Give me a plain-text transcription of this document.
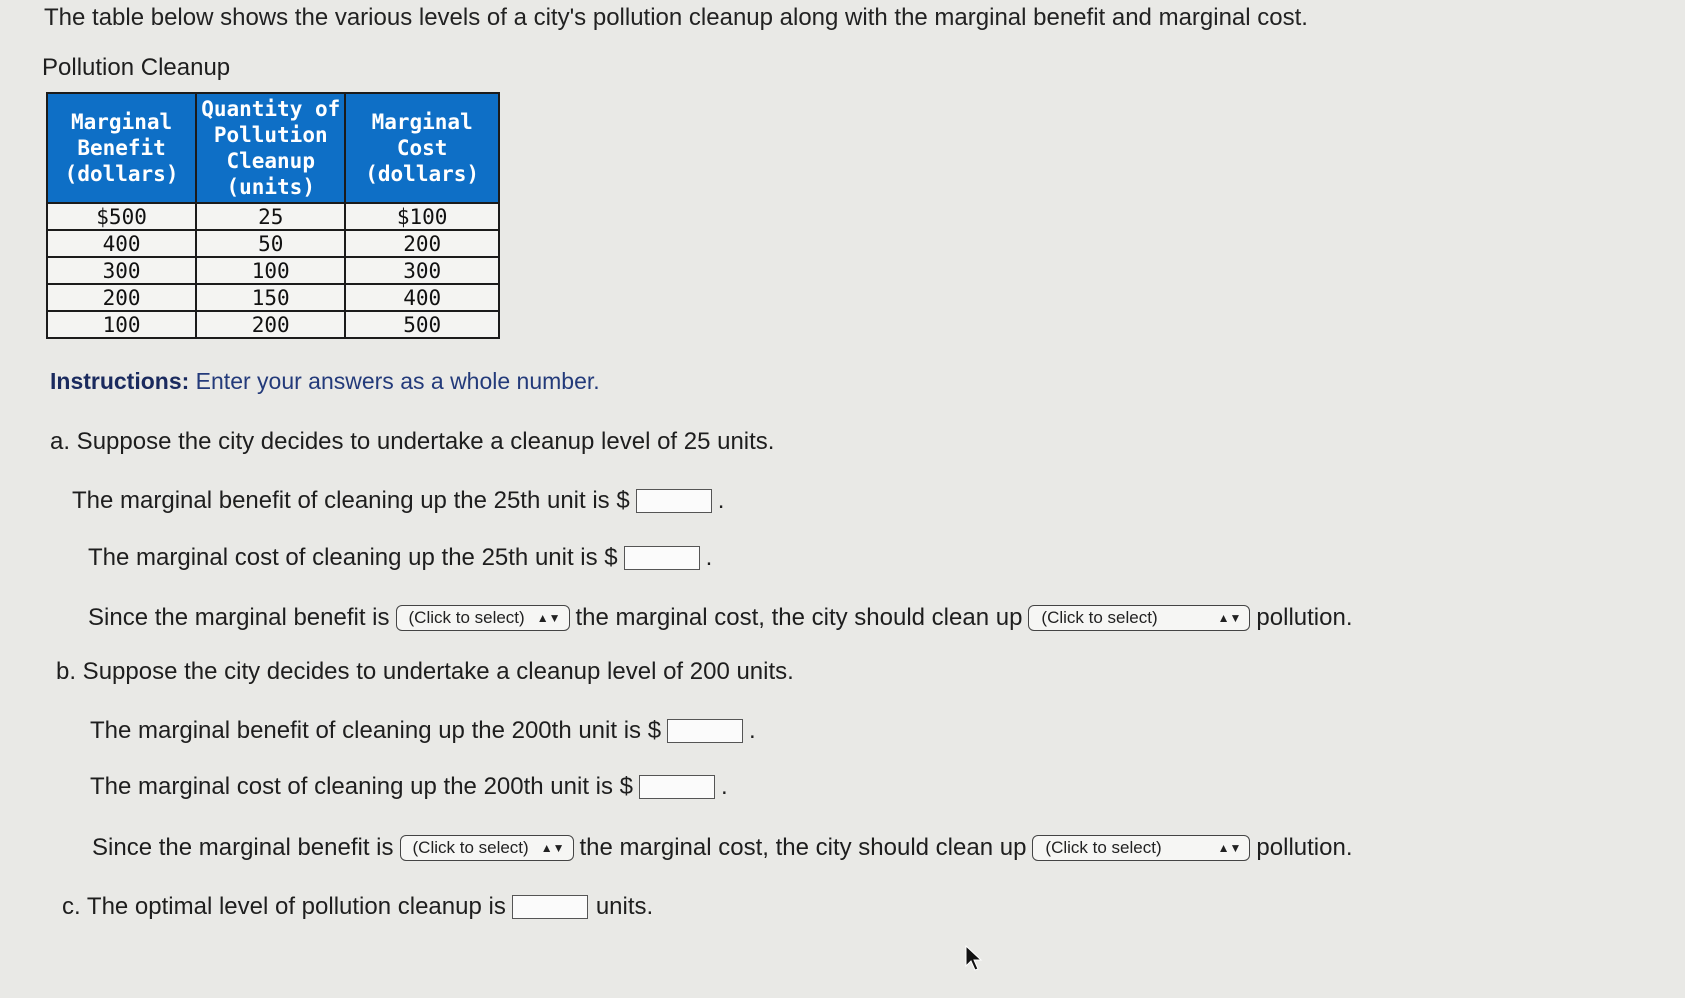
The table below shows the various levels of a city's pollution cleanup along with the marginal benefit and marginal cost.
Pollution Cleanup
Marginal Benefit (dollars)	Quantity of Pollution Cleanup (units)	Marginal Cost (dollars)
$500	25	$100
400	50	200
300	100	300
200	150	400
100	200	500
Instructions: Enter your answers as a whole number.
a. Suppose the city decides to undertake a cleanup level of 25 units.
The marginal benefit of cleaning up the 25th unit is $	.
The marginal cost of cleaning up the 25th unit is $	.
Since the marginal benefit is (Click to select) ▲▼ the marginal cost, the city should clean up (Click to select)	▲▼ pollution.
b. Suppose the city decides to undertake a cleanup level of 200 units.
The marginal benefit of cleaning up the 200th unit is $	.
The marginal cost of cleaning up the 200th unit is $	.
Since the marginal benefit is (Click to select) ▲▼ the marginal cost, the city should clean up (Click to select)	▲▼ pollution.
c. The optimal level of pollution cleanup is	units.
